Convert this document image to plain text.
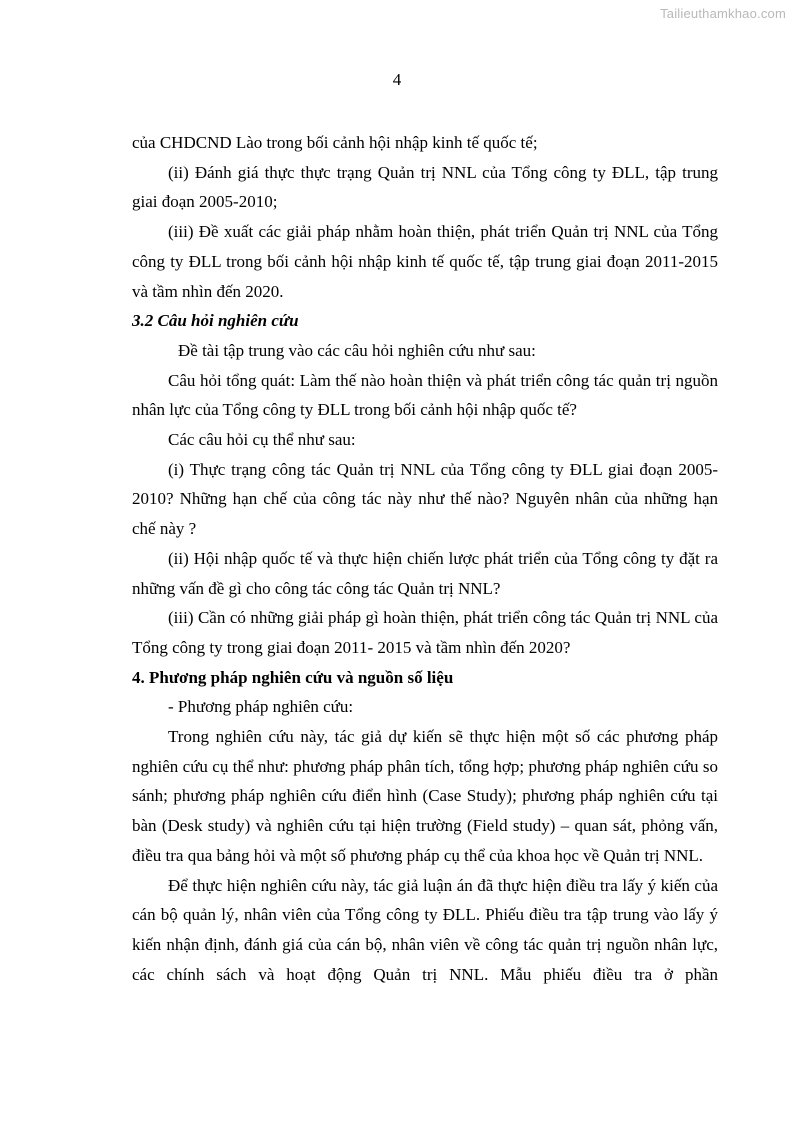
Tailieuthamkhao.com
4

của CHDCND Lào trong bối cảnh hội nhập kinh tế quốc tế;

(ii) Đánh giá thực thực trạng Quản trị NNL của Tổng công ty ĐLL, tập trung giai đoạn 2005-2010;

(iii) Đề xuất các giải pháp nhằm hoàn thiện, phát triển Quản trị NNL của Tổng công ty ĐLL trong bối cảnh hội nhập kinh tế quốc tế, tập trung giai đoạn 2011-2015 và tầm nhìn đến 2020.

3.2 Câu hỏi nghiên cứu

Đề tài tập trung vào các câu hỏi nghiên cứu như sau:

Câu hỏi tổng quát: Làm thế nào hoàn thiện và phát triển công tác quản trị nguồn nhân lực của Tổng công ty ĐLL trong bối cảnh hội nhập quốc tế?

Các câu hỏi cụ thể như sau:

(i) Thực trạng công tác Quản trị NNL của Tổng công ty ĐLL giai đoạn 2005-2010? Những hạn chế của công tác này như thế nào? Nguyên nhân của những hạn chế này ?

(ii) Hội nhập quốc tế và thực hiện chiến lược phát triển của Tổng công ty đặt ra những vấn đề gì cho công tác công tác Quản trị NNL?

(iii) Cần có những giải pháp gì hoàn thiện, phát triển công tác Quản trị NNL của Tổng công ty trong giai đoạn 2011- 2015 và tầm nhìn đến 2020?

4. Phương pháp nghiên cứu và nguồn số liệu

- Phương pháp nghiên cứu:

Trong nghiên cứu này, tác giả dự kiến sẽ thực hiện một số các phương pháp nghiên cứu cụ thể như: phương pháp phân tích, tổng hợp; phương pháp nghiên cứu so sánh; phương pháp nghiên cứu điển hình (Case Study); phương pháp nghiên cứu tại bàn (Desk study) và nghiên cứu tại hiện trường (Field study) – quan sát, phỏng vấn, điều tra qua bảng hỏi và một số phương pháp cụ thể của khoa học về Quản trị NNL.

Để thực hiện nghiên cứu này, tác giả luận án đã thực hiện điều tra lấy ý kiến của cán bộ quản lý, nhân viên của Tổng công ty ĐLL. Phiếu điều tra tập trung vào lấy ý kiến nhận định, đánh giá của cán bộ, nhân viên về công tác quản trị nguồn nhân lực, các chính sách và hoạt động Quản trị NNL. Mẫu phiếu điều tra ở phần
